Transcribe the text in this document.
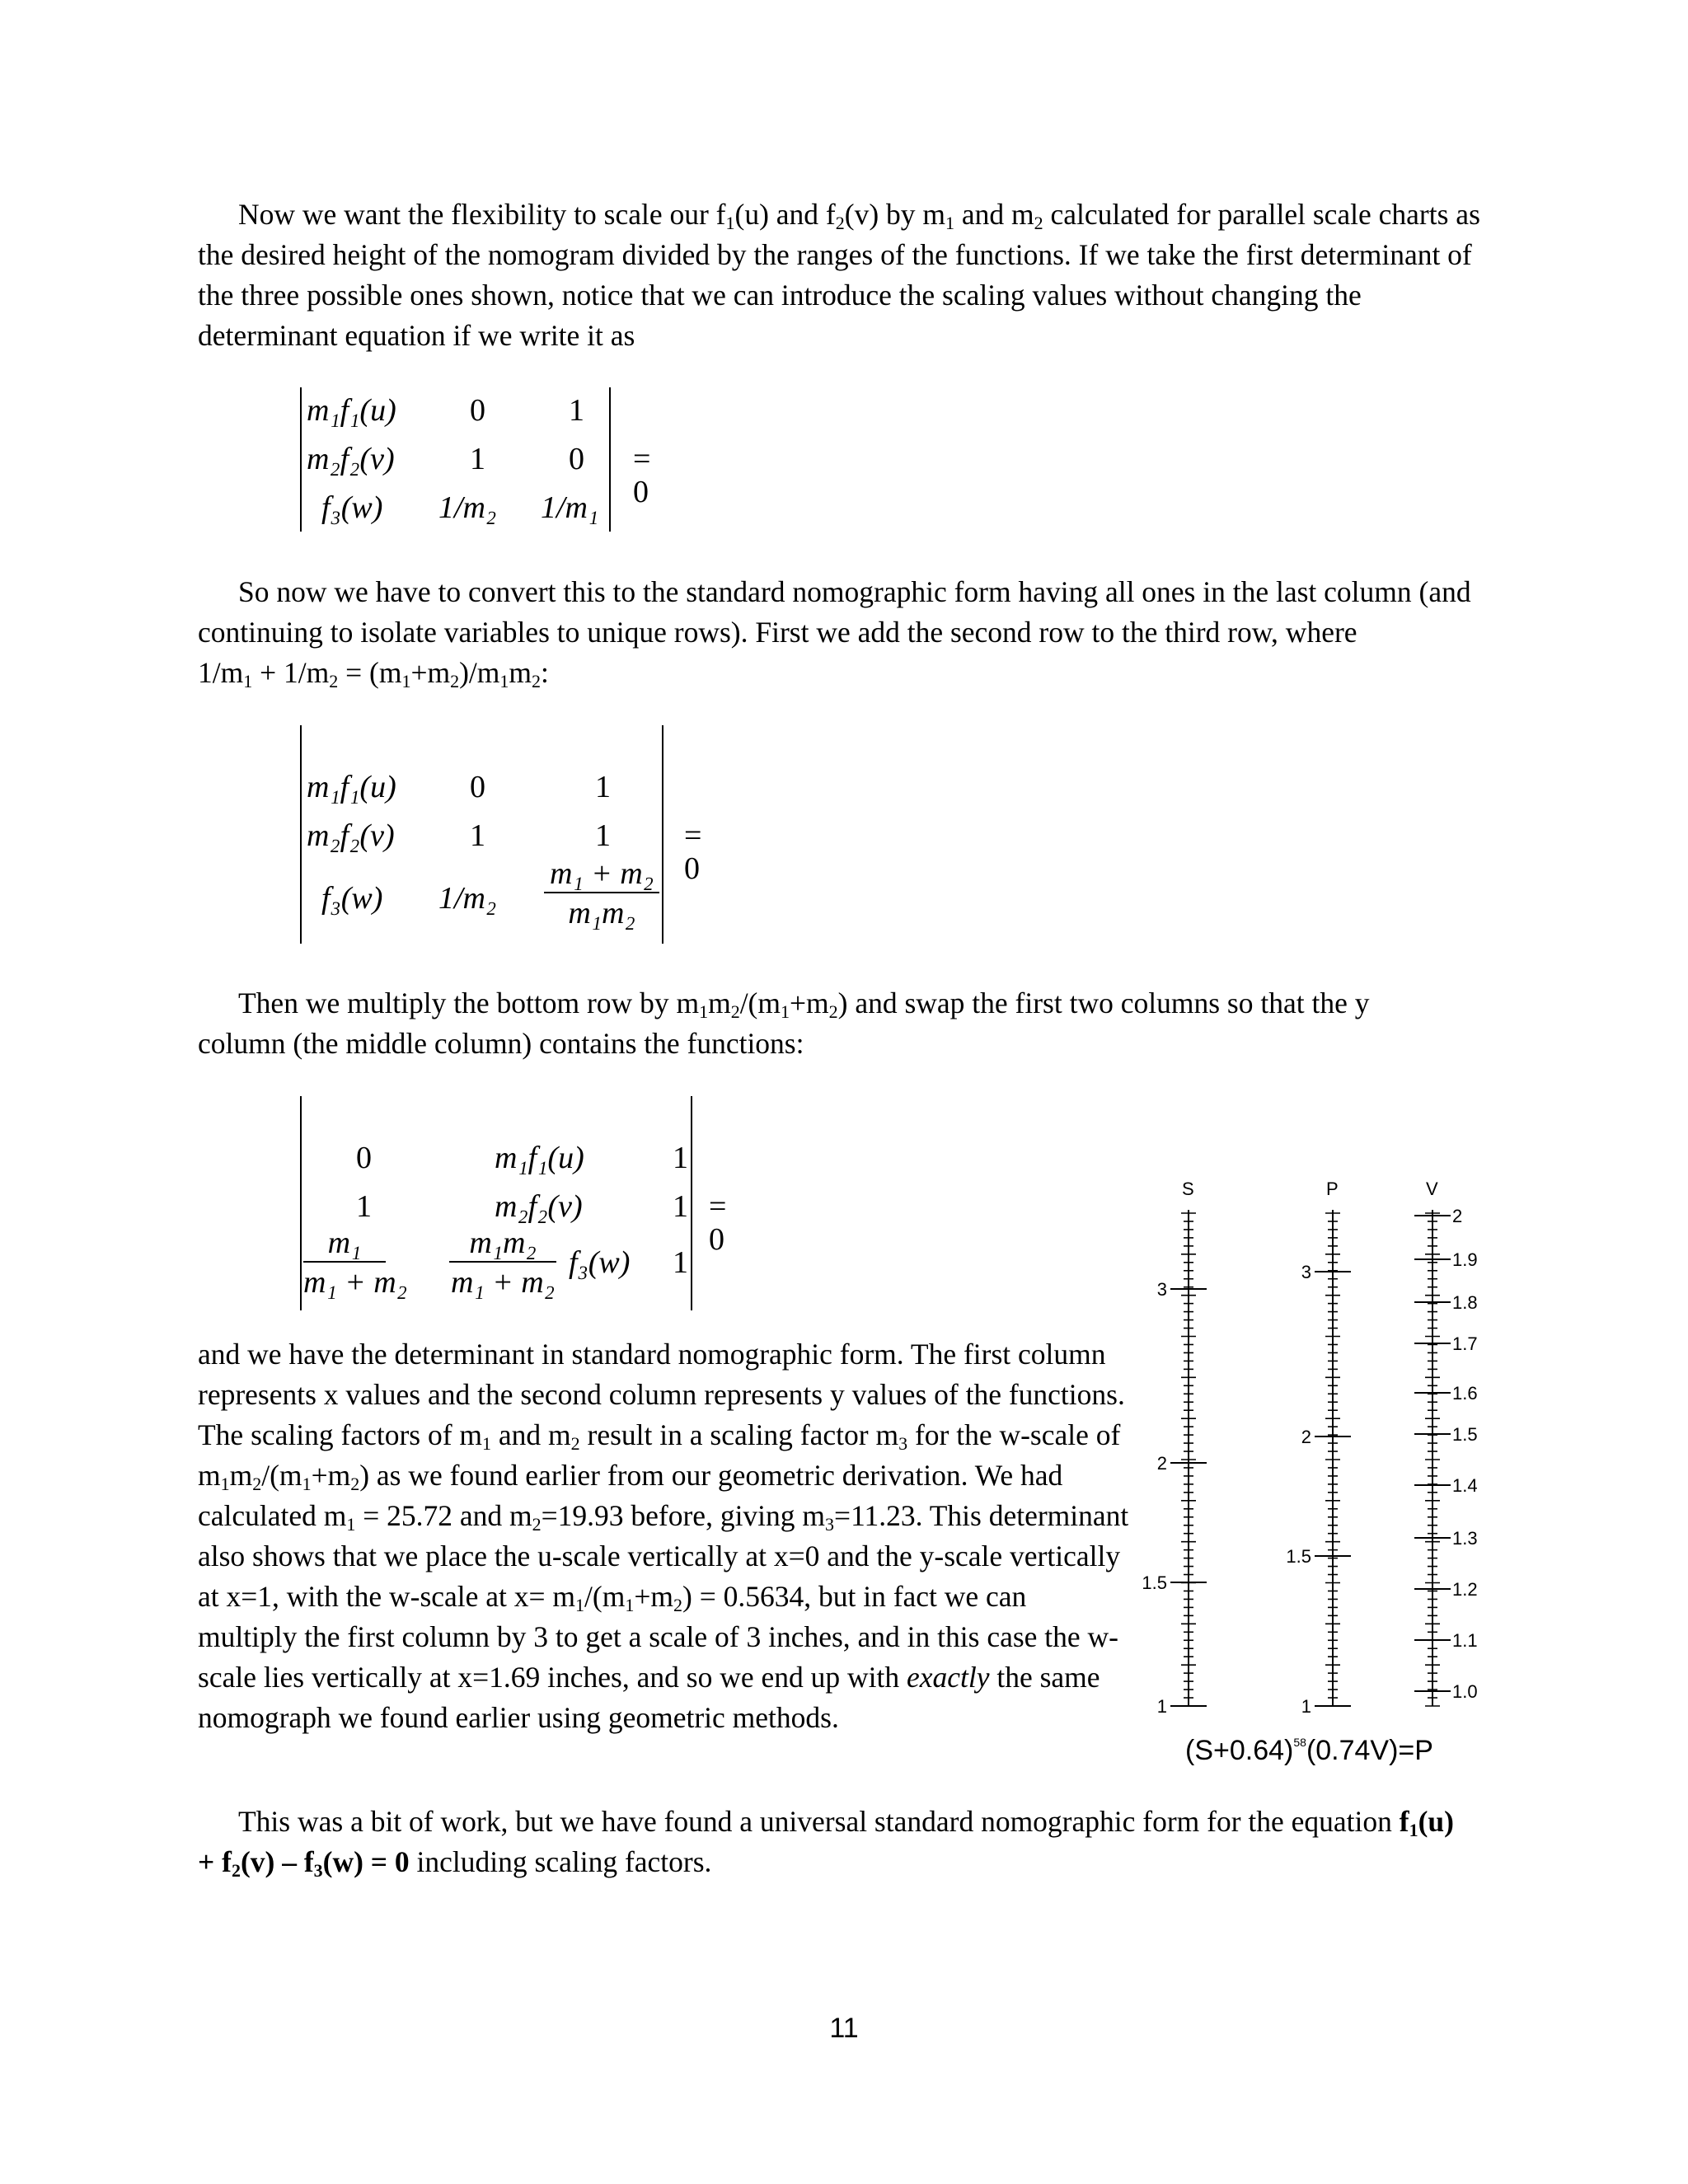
Now we want the flexibility to scale our $f_1(u)$ and $f_2(v)$ by $m_1$ and $m_2$ calculated for parallel scale charts as the desired height of the nomogram divided by the ranges of the functions. If we take the first determinant of the three possible ones shown, notice that we can introduce the scaling values without changing the determinant equation if we write it as

m₁f₁(u) 0	1
m₂f₂(v) 1	0
f₃(w) 1/m₂ 1/m₁
= 0

So now we have to convert this to the standard nomographic form having all ones in the last column (and continuing to isolate variables to unique rows). First we add the second row to the third row, where
$1/m_1 + 1/m_2 = (m_1+m_2)/m_1m_2$:

m₁f₁(u) 0	1
m₂f₂(v) 1	1
f₃(w) $1/m_2 \frac{\text{m₁ + m₂}}{\text{m₁m₂}}$
= 0

Then we multiply the bottom row by $m_1m_2/(m_1+m_2)$ and swap the first two columns so that the y
column (the middle column) contains the functions:

0	m₁f₁(u)	1
1	m₂f₂(v)	1
$\frac{\text{m₁}}{\text{m₁ + m₂}} \frac{\text{m₁m₂}}{\text{m₁ + m₂}} f_3(w)$ 1
= 0

and we have the determinant in standard nomographic form. The first column represents x values and the second column represents y values of the functions. The scaling factors of $m_1$ and $m_2$ result in a scaling factor $m_3$ for the w-scale of $m_1m_2/(m_1+m_2)$ as we found earlier from our geometric derivation. We had calculated $m_1 = 25.72$ and $m_2=19.93$ before, giving $m_3=11.23$. This determinant also shows that we place the u-scale vertically at x=0 and the y-scale vertically at x=1, with the w-scale at $x= m_1/(m_1+m_2) = 0.5634$, but in fact we can multiply the first column by 3 to get a scale of 3 inches, and in this case the w-scale lies vertically at x=1.69 inches, and so we end up with exactly the same nomograph we found earlier using geometric methods.

S
3
2
1.5
1
P
3
2
1.5
1
V
2
1.9
1.8
1.7
1.6
1.5
1.4
1.3
1.2
1.1
1.0
$(S+0.64)^{58}(0.74V)=P$

This was a bit of work, but we have found a universal standard nomographic form for the equation $f_1(u)$
+ $f_2(v) - f_3(w) = 0$ including scaling factors.

11
